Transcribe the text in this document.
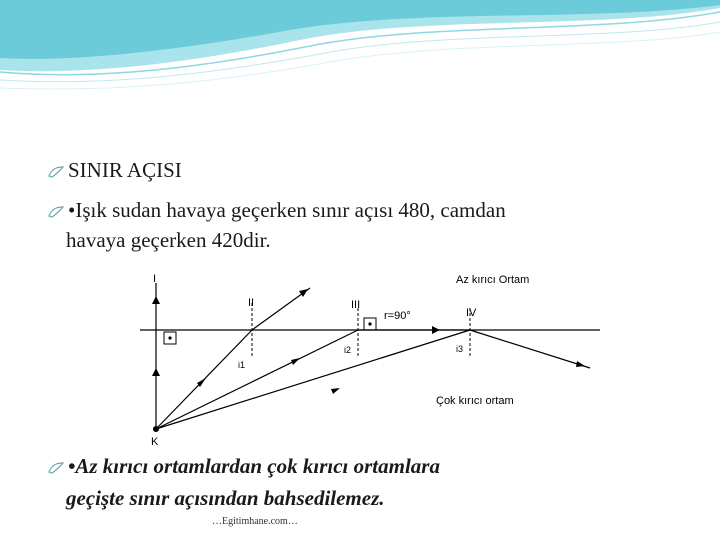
SINIR AÇISI
•Işık sudan havaya geçerken sınır açısı 480, camdan
havaya geçerken 420dir.
Az kırıcı Ortam
Çok kırıcı ortam
K
I
II
i1
III
r=90°
i2
IV
i3
•Az kırıcı ortamlardan çok kırıcı ortamlara
geçişte sınır açısından bahsedilemez.
…Egitimhane.com…
